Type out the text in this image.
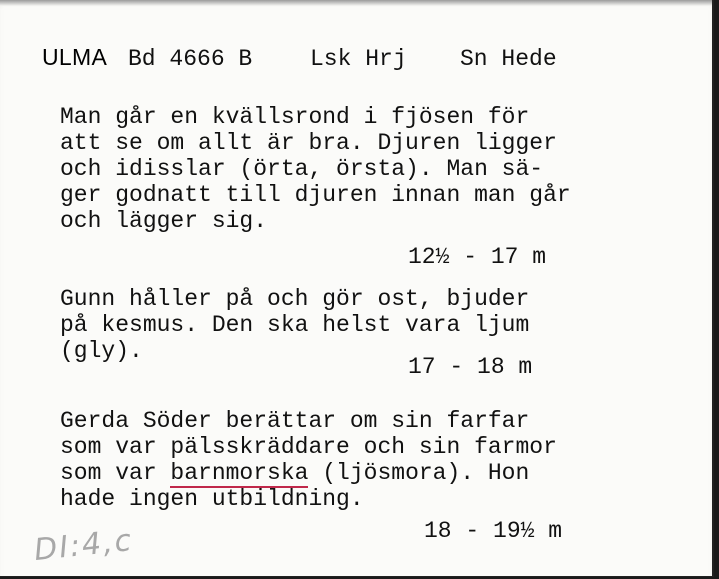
ULMA Bd 4666 B	Lsk Hrj Sn Hede
Man går en kvällsrond i fjösen för
att se om allt är bra. Djuren ligger
och idisslar (örta, örsta). Man sä-
ger godnatt till djuren innan man går
och lägger sig.
12½ - 17 m
Gunn håller på och gör ost, bjuder
på kesmus. Den ska helst vara ljum
(gly).
17 - 18 m
Gerda Söder berättar om sin farfar
som var pälsskräddare och sin farmor
som var barnmorska (ljösmora). Hon
hade ingen utbildning.
18 - 19½ m
DI:4,c
